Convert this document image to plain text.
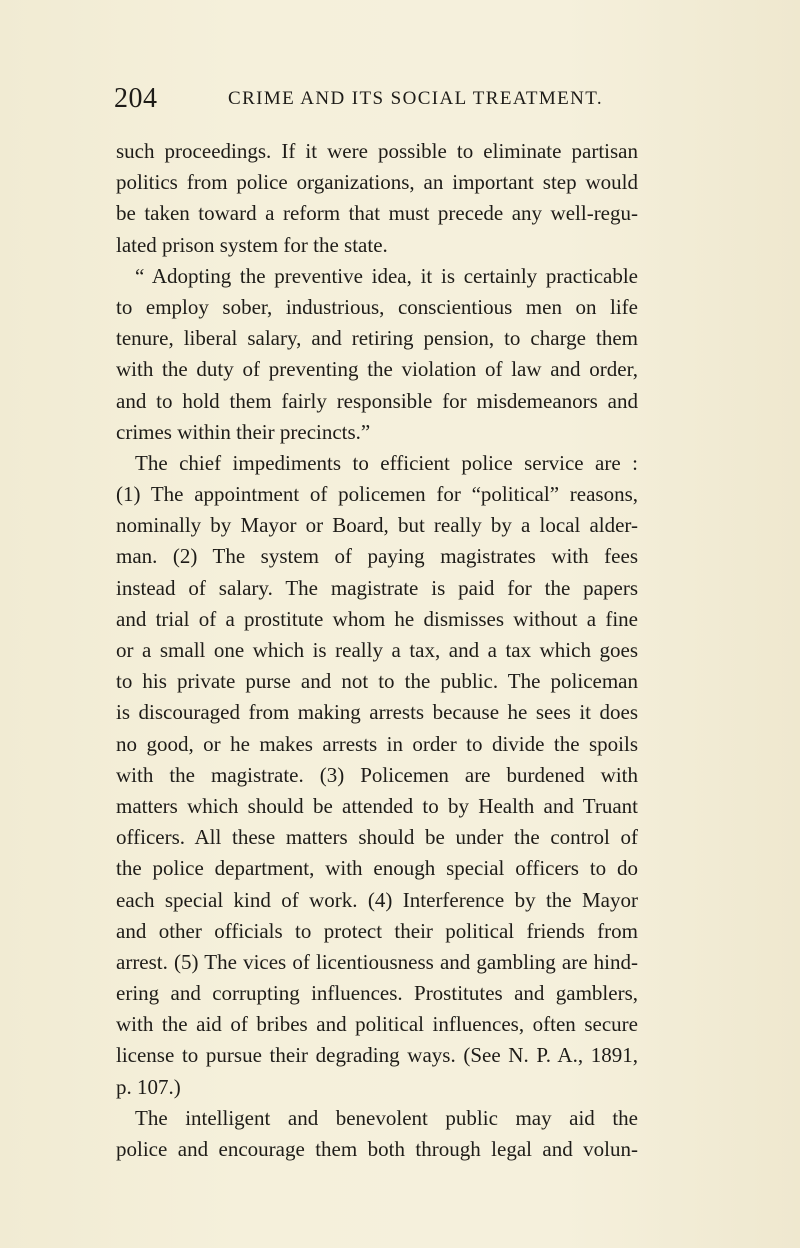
204	CRIME AND ITS SOCIAL TREATMENT.
such proceedings. If it were possible to eliminate partisan
politics from police organizations, an important step would
be taken toward a reform that must precede any well-regu-
lated prison system for the state.
“ Adopting the preventive idea, it is certainly practicable
to employ sober, industrious, conscientious men on life
tenure, liberal salary, and retiring pension, to charge them
with the duty of preventing the violation of law and order,
and to hold them fairly responsible for misdemeanors and
crimes within their precincts.”
The chief impediments to efficient police service are :
(1) The appointment of policemen for “political” reasons,
nominally by Mayor or Board, but really by a local alder-
man. (2) The system of paying magistrates with fees
instead of salary. The magistrate is paid for the papers
and trial of a prostitute whom he dismisses without a fine
or a small one which is really a tax, and a tax which goes
to his private purse and not to the public. The policeman
is discouraged from making arrests because he sees it does
no good, or he makes arrests in order to divide the spoils
with the magistrate. (3) Policemen are burdened with
matters which should be attended to by Health and Truant
officers. All these matters should be under the control of
the police department, with enough special officers to do
each special kind of work. (4) Interference by the Mayor
and other officials to protect their political friends from
arrest. (5) The vices of licentiousness and gambling are hind-
ering and corrupting influences. Prostitutes and gamblers,
with the aid of bribes and political influences, often secure
license to pursue their degrading ways. (See N. P. A., 1891,
p. 107.)
The intelligent and benevolent public may aid the
police and encourage them both through legal and volun-
